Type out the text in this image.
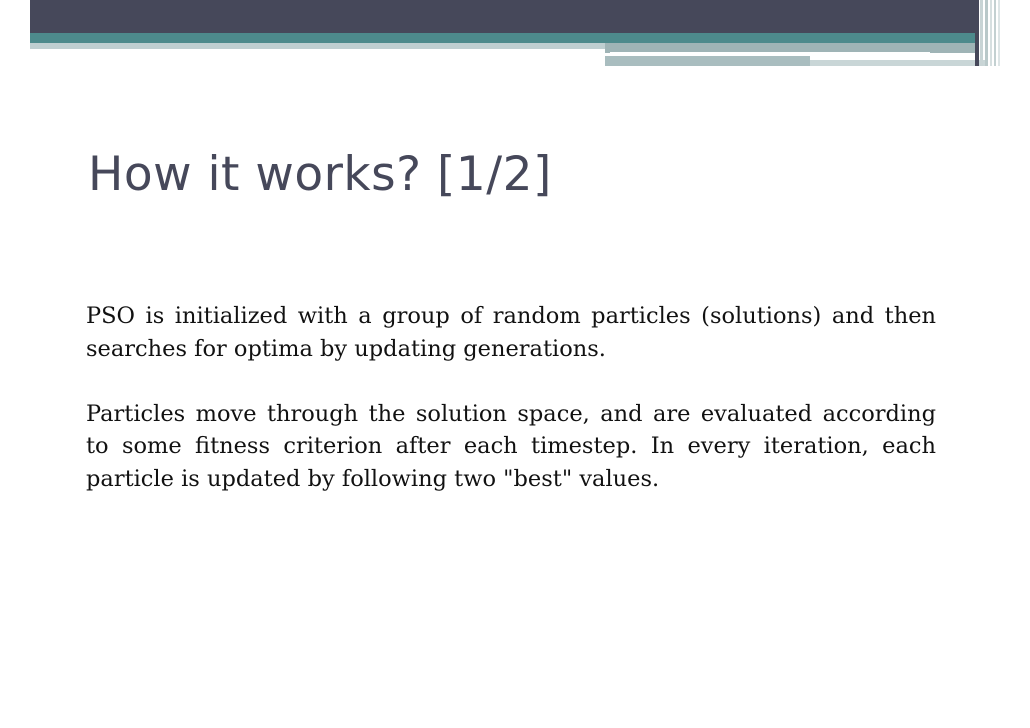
How it works? [1/2]

PSO is initialized with a group of random particles (solutions) and then searches for optima by updating generations.

Particles move through the solution space, and are evaluated according to some fitness criterion after each timestep. In every iteration, each particle is updated by following two "best" values.
